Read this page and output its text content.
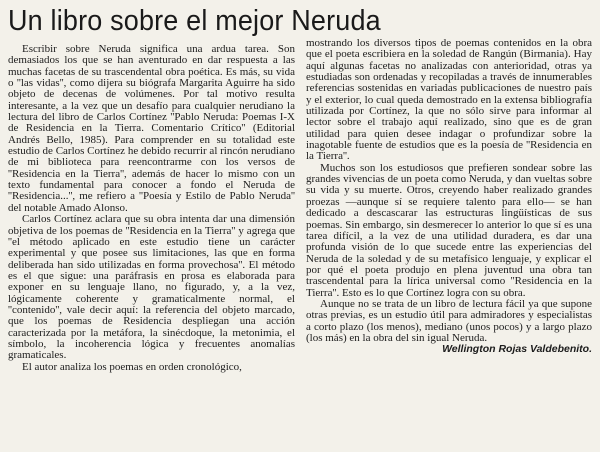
Un libro sobre el mejor Neruda

Escribir sobre Neruda significa una ardua tarea. Son demasiados los que se han aventurado en dar respuesta a las muchas facetas de su trascendental obra poética. Es más, su vida o ''las vidas'', como dijera su biógrafa Margarita Aguirre ha sido objeto de decenas de volúmenes. Por tal motivo resulta interesante, a la vez que un desafío para cualquier nerudiano la lectura del libro de Carlos Cortínez ''Pablo Neruda: Poemas I-X de Residencia en la Tierra. Comentario Crítico'' (Editorial Andrés Bello, 1985). Para comprender en su totalidad este estudio de Carlos Cortínez he debido recurrir al rincón nerudiano de mi biblioteca para reencontrarme con los versos de ''Residencia en la Tierra'', además de hacer lo mismo con un texto fundamental para conocer a fondo el Neruda de ''Residencia...'', me refiero a ''Poesía y Estilo de Pablo Neruda'' del notable Amado Alonso.

Carlos Cortínez aclara que su obra intenta dar una dimensión objetiva de los poemas de ''Residencia en la Tierra'' y agrega que ''el método aplicado en este estudio tiene un carácter experimental y que posee sus limitaciones, las que en forma deliberada han sido utilizadas en forma provechosa''. El método es el que sigue: una paráfrasis en prosa es elaborada para exponer en su lenguaje llano, no figurado, y, a la vez, lógicamente coherente y gramaticalmente normal, el ''contenido'', vale decir aquí: la referencia del objeto marcado, que los poemas de Residencia despliegan una acción caracterizada por la metáfora, la sinécdoque, la metonimia, el símbolo, la incoherencia lógica y frecuentes anomalías gramaticales.

El autor analiza los poemas en orden cronológico,

mostrando los diversos tipos de poemas contenidos en la obra que el poeta escribiera en la soledad de Rangún (Birmania). Hay aquí algunas facetas no analizadas con anterioridad, otras ya estudiadas son ordenadas y recopiladas a través de innumerables referencias sostenidas en variadas publicaciones de nuestro país y el exterior, lo cual queda demostrado en la extensa bibliografía utilizada por Cortínez, la que no sólo sirve para informar al lector sobre el trabajo aquí realizado, sino que es de gran utilidad para quien desee indagar o profundizar sobre la inagotable fuente de estudios que es la poesía de ''Residencia en la Tierra''.

Muchos son los estudiosos que prefieren sondear sobre las grandes vivencias de un poeta como Neruda, y dan vueltas sobre su vida y su muerte. Otros, creyendo haber realizado grandes proezas —aunque sí se requiere talento para ello— se han dedicado a descascarar las estructuras lingüísticas de sus poemas. Sin embargo, sin desmerecer lo anterior lo que sí es una tarea difícil, a la vez de una utilidad duradera, es dar una profunda visión de lo que sucede entre las experiencias del Neruda de la soledad y de su metafísico lenguaje, y explicar el por qué el poeta produjo en plena juventud una obra tan trascendental para la lírica universal como ''Residencia en la Tierra''. Esto es lo que Cortínez logra con su obra.

Aunque no se trata de un libro de lectura fácil ya que supone otras previas, es un estudio útil para admiradores y especialistas a corto plazo (los menos), mediano (unos pocos) y a largo plazo (los más) en la obra del sin igual Neruda.

Wellington Rojas Valdebenito.
